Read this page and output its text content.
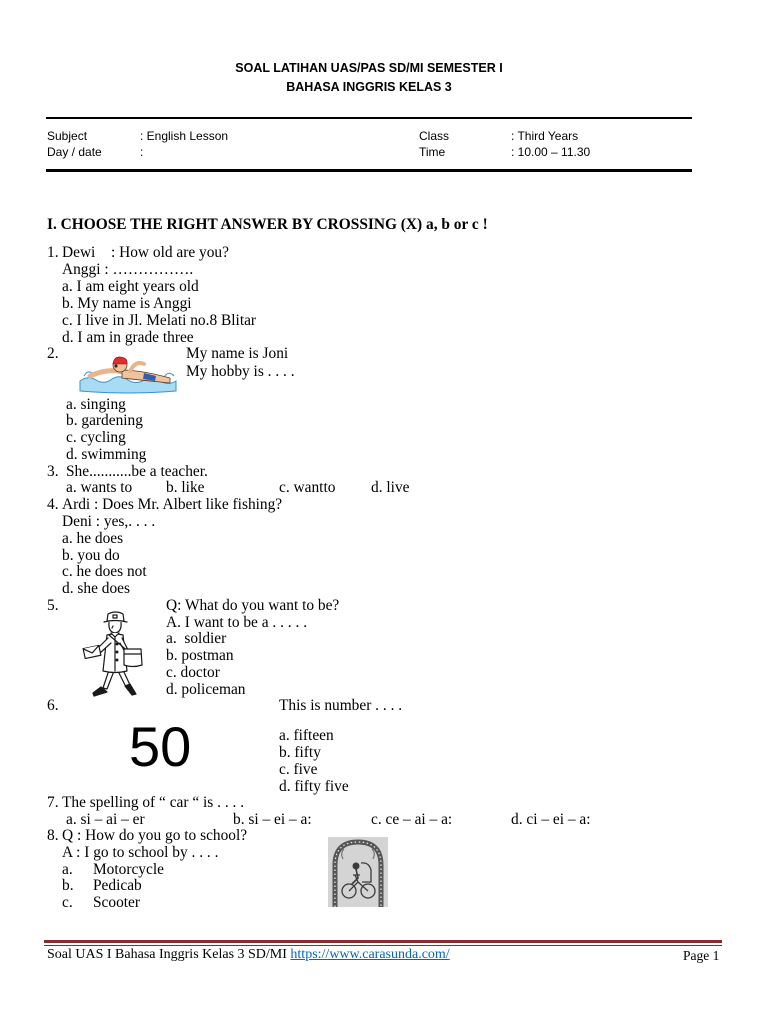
SOAL LATIHAN UAS/PAS SD/MI SEMESTER I
BAHASA INGGRIS KELAS 3
Subject	: English Lesson	Class	: Third Years
Day / date	:	Time	: 10.00 – 11.30
I. CHOOSE THE RIGHT ANSWER BY CROSSING (X) a, b or c !
1. Dewi : How old are you?
Anggi : …………….
a. I am eight years old
b. My name is Anggi
c. I live in Jl. Melati no.8 Blitar
d. I am in grade three
2.	My name is Joni
My hobby is . . . .
a. singing
b. gardening
c. cycling
d. swimming
3. She...........be a teacher.
a. wants to b. like	c. wantto d. live
4. Ardi : Does Mr. Albert like fishing?
Deni : yes,. . . .
a. he does
b. you do
c. he does not
d. she does
5.	Q: What do you want to be?
A. I want to be a . . . . .
a.  soldier
b. postman
c. doctor
d. policeman
6.	This is number . . . .
50	a. fifteen
b. fifty
c. five
d. fifty five
7. The spelling of “ car “ is . . . .
a. si – ai – er	b. si – ei – a:	c. ce – ai – a:	d. ci – ei – a:
8. Q : How do you go to school?
A : I go to school by . . . .
a. Motorcycle
b. Pedicab
c. Scooter
Soal UAS I Bahasa Inggris Kelas 3 SD/MI https://www.carasunda.com/	Page 1
